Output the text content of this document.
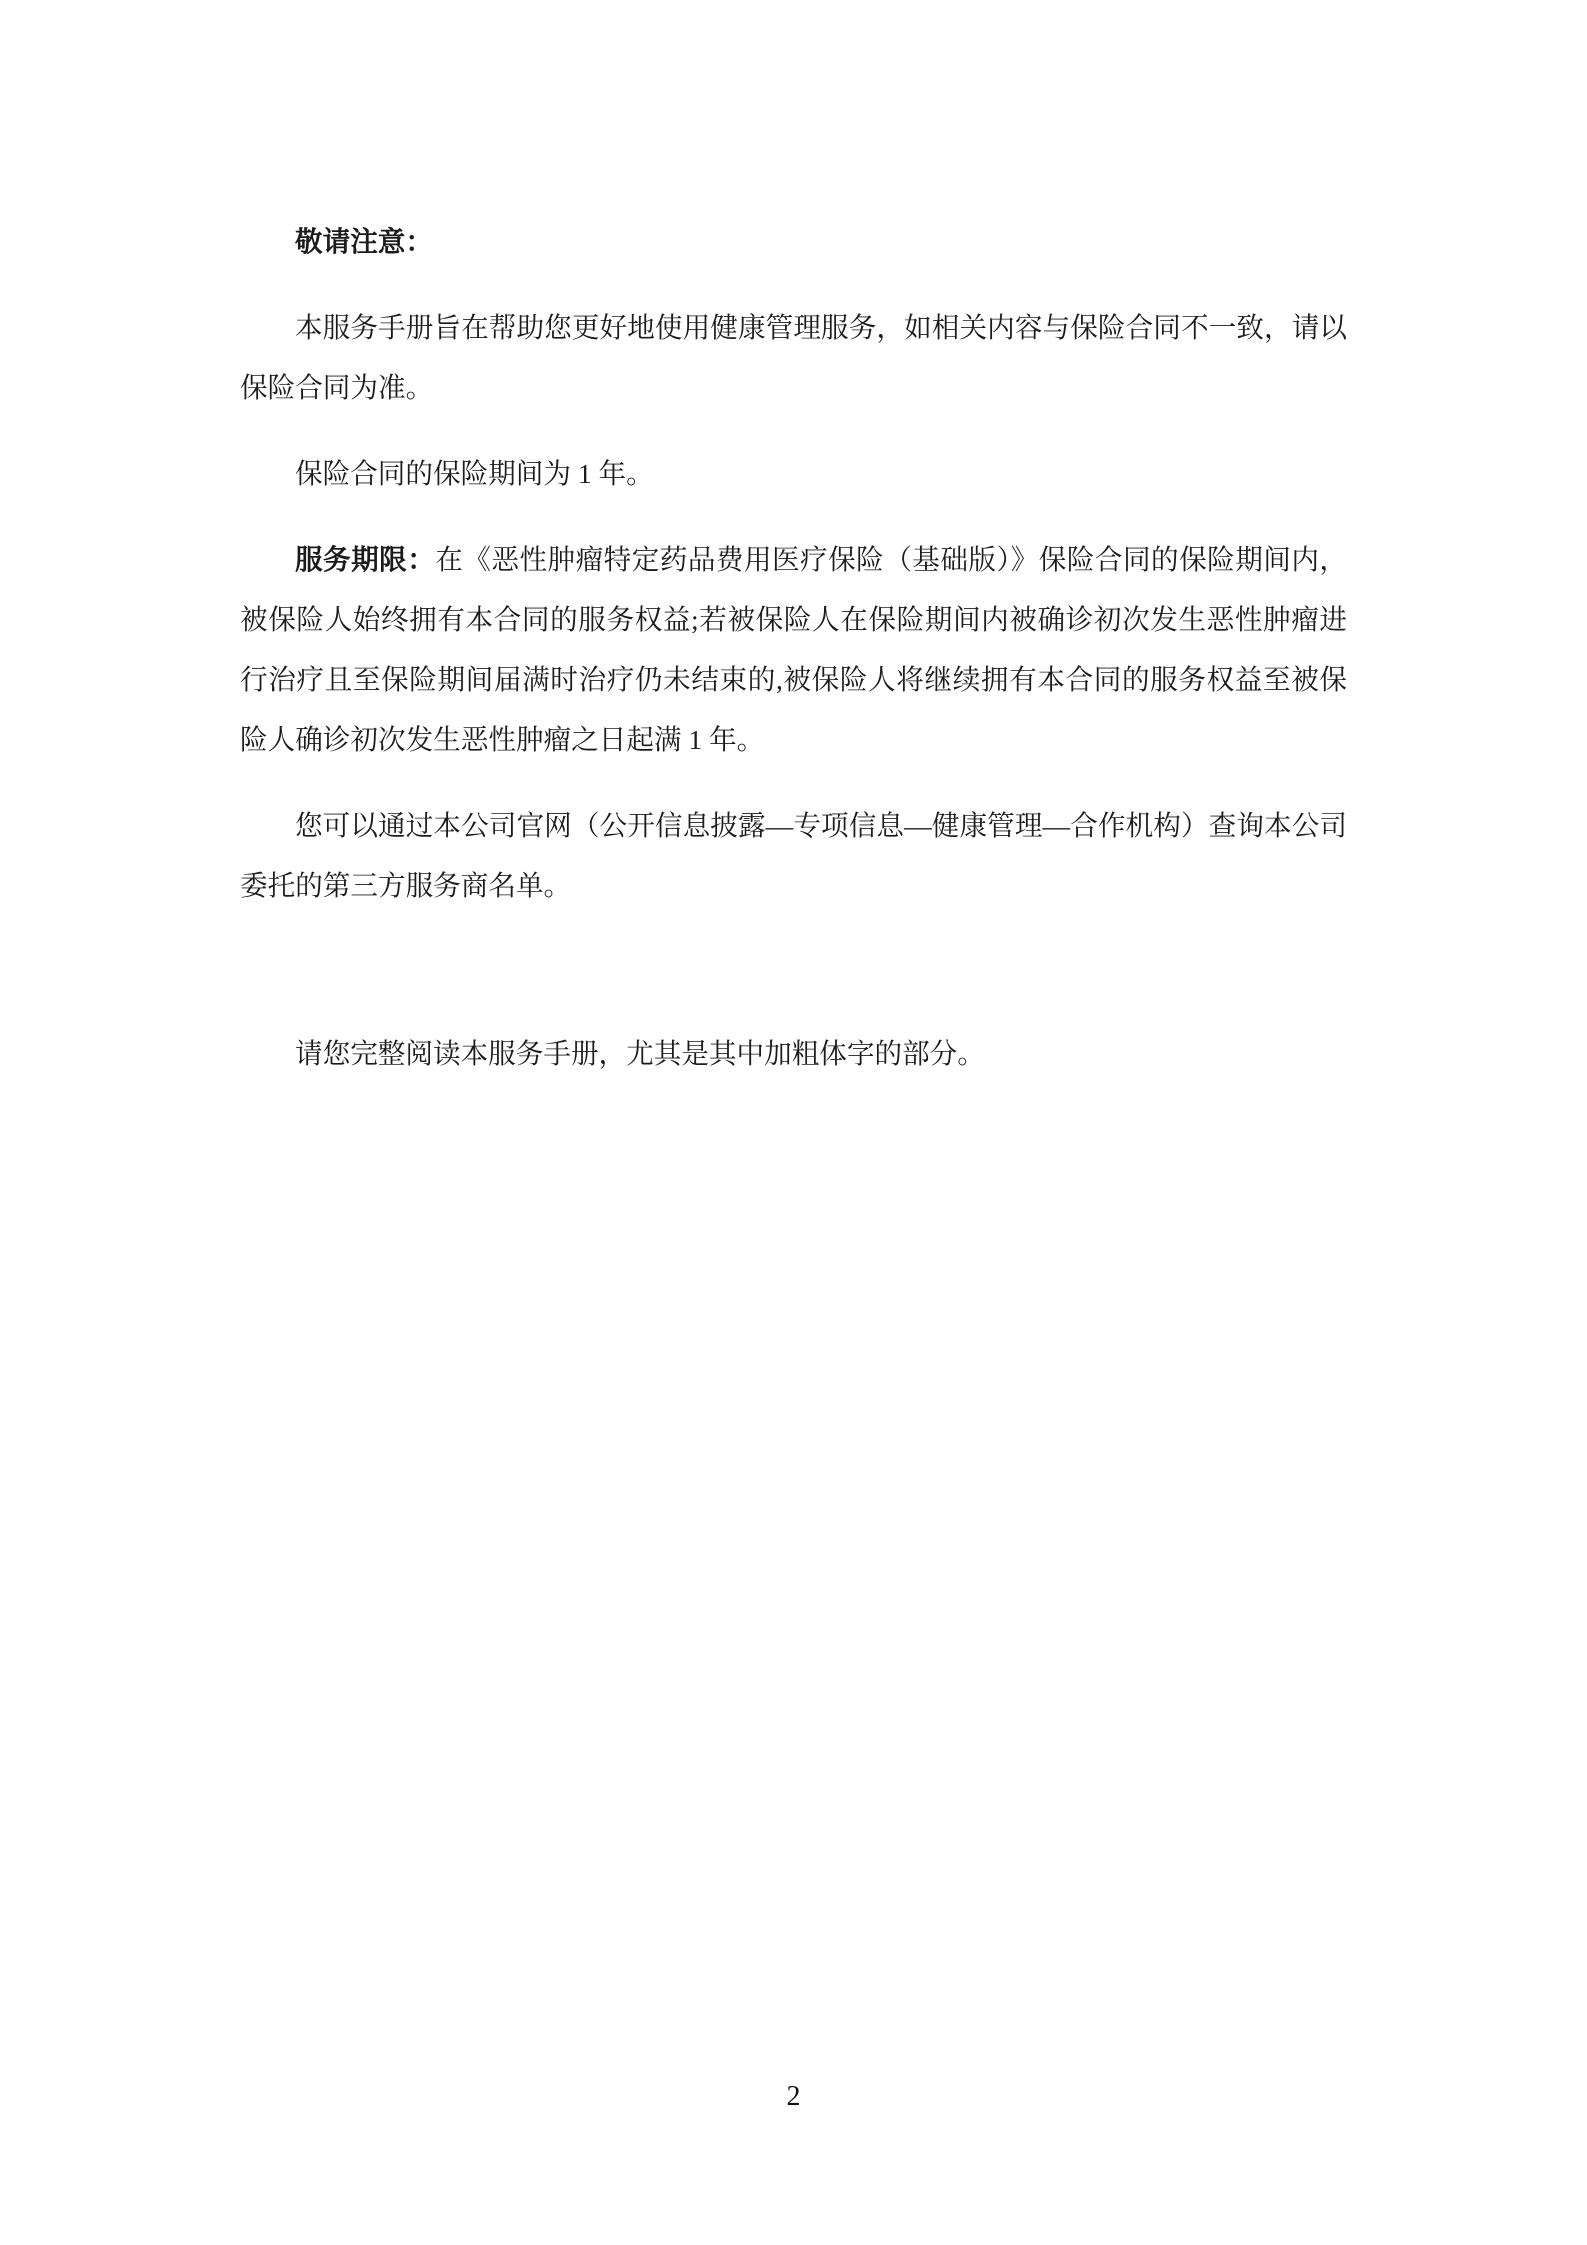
敬请注意：

本服务手册旨在帮助您更好地使用健康管理服务，如相关内容与保险合同不一致，请以保险合同为准。

保险合同的保险期间为 1 年。

服务期限：在《恶性肿瘤特定药品费用医疗保险（基础版）》保险合同的保险期间内，被保险人始终拥有本合同的服务权益;若被保险人在保险期间内被确诊初次发生恶性肿瘤进行治疗且至保险期间届满时治疗仍未结束的,被保险人将继续拥有本合同的服务权益至被保险人确诊初次发生恶性肿瘤之日起满 1 年。

您可以通过本公司官网（公开信息披露—专项信息—健康管理—合作机构）查询本公司委托的第三方服务商名单。

请您完整阅读本服务手册，尤其是其中加粗体字的部分。

2
